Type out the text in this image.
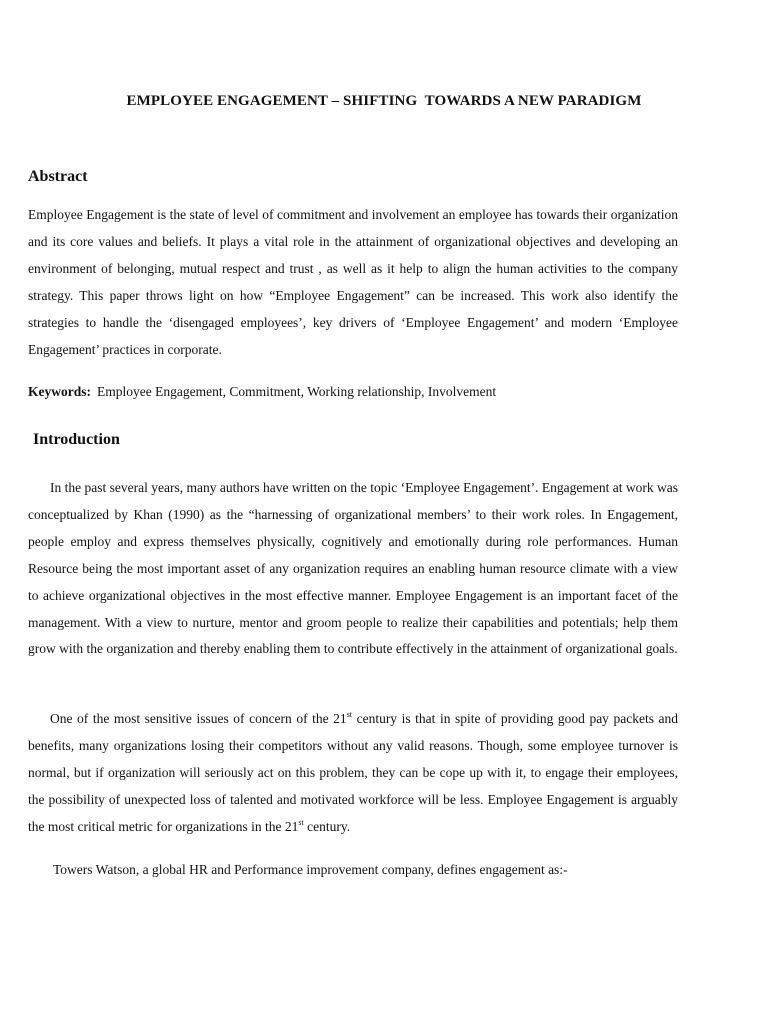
EMPLOYEE ENGAGEMENT – SHIFTING  TOWARDS A NEW PARADIGM
Abstract

Employee Engagement is the state of level of commitment and involvement an employee has towards their organization and its core values and beliefs. It plays a vital role in the attainment of organizational objectives and developing an environment of belonging, mutual respect and trust , as well as it help to align the human activities to the company strategy. This paper throws light on how “Employee Engagement” can be increased. This work also identify the strategies to handle the ‘disengaged employees’, key drivers of ‘Employee Engagement’ and modern ‘Employee Engagement’ practices in corporate.

Keywords: Employee Engagement, Commitment, Working relationship, Involvement

Introduction

In the past several years, many authors have written on the topic ‘Employee Engagement’. Engagement at work was conceptualized by Khan (1990) as the “harnessing of organizational members’ to their work roles. In Engagement, people employ and express themselves physically, cognitively and emotionally during role performances. Human Resource being the most important asset of any organization requires an enabling human resource climate with a view to achieve organizational objectives in the most effective manner. Employee Engagement is an important facet of the management. With a view to nurture, mentor and groom people to realize their capabilities and potentials; help them grow with the organization and thereby enabling them to contribute effectively in the attainment of organizational goals.

One of the most sensitive issues of concern of the 21st century is that in spite of providing good pay packets and benefits, many organizations losing their competitors without any valid reasons. Though, some employee turnover is normal, but if organization will seriously act on this problem, they can be cope up with it, to engage their employees, the possibility of unexpected loss of talented and motivated workforce will be less. Employee Engagement is arguably the most critical metric for organizations in the 21st century.

Towers Watson, a global HR and Performance improvement company, defines engagement as:-
